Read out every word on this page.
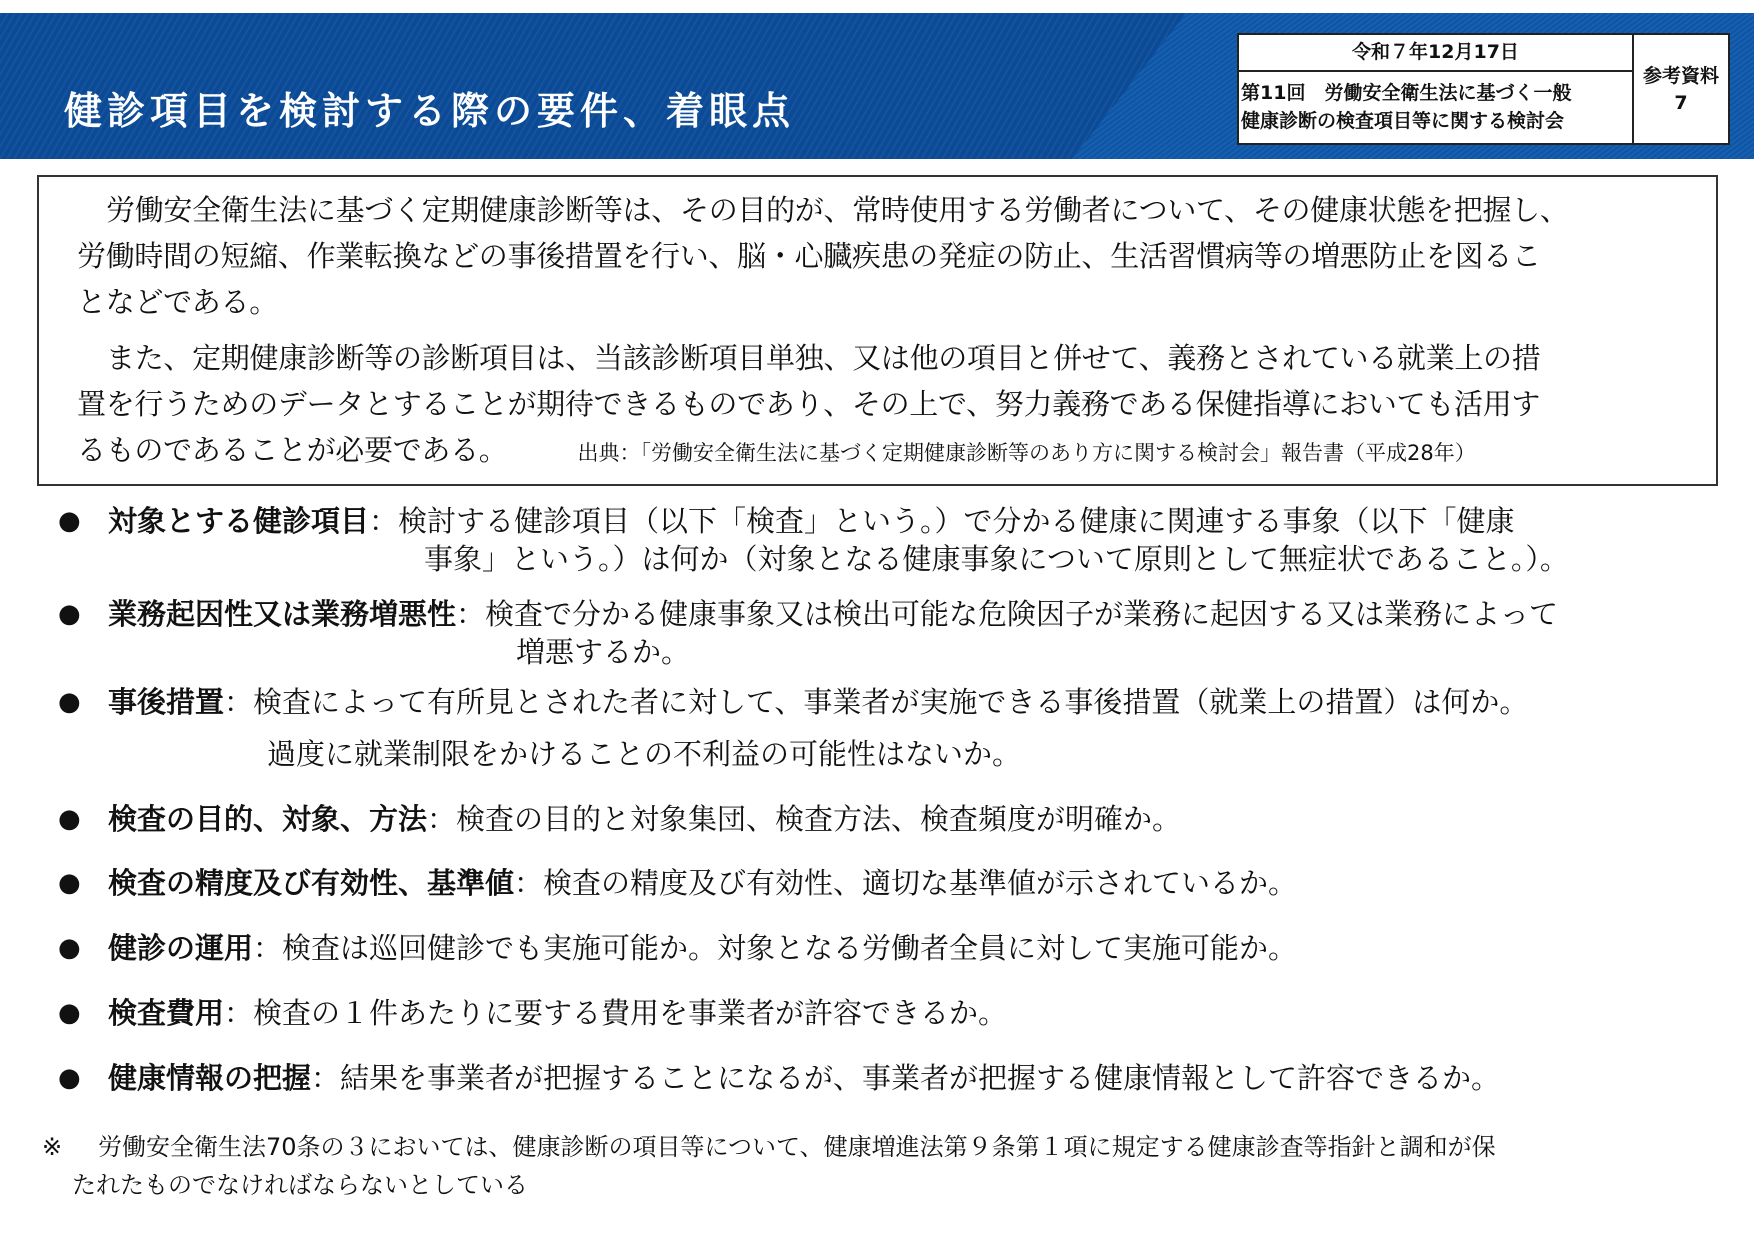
健診項目を検討する際の要件、着眼点
令和７年12月17日
第11回　労働安全衛生法に基づく一般
健康診断の検査項目等に関する検討会
参考資料
7

労働安全衛生法に基づく定期健康診断等は、その目的が、常時使用する労働者について、その健康状態を把握し、
労働時間の短縮、作業転換などの事後措置を行い、脳・心臓疾患の発症の防止、生活習慣病等の増悪防止を図るこ
となどである。

また、定期健康診断等の診断項目は、当該診断項目単独、又は他の項目と併せて、義務とされている就業上の措
置を行うためのデータとすることが期待できるものであり、その上で、努力義務である保健指導においても活用す
るものであることが必要である。	出典：「労働安全衛生法に基づく定期健康診断等のあり方に関する検討会」報告書（平成28年）

● 対象とする健診項目：検討する健診項目（以下「検査」という。）で分かる健康に関連する事象（以下「健康
事象」という。）は何か（対象となる健康事象について原則として無症状であること。）。
● 業務起因性又は業務増悪性：検査で分かる健康事象又は検出可能な危険因子が業務に起因する又は業務によって
増悪するか。
● 事後措置：検査によって有所見とされた者に対して、事業者が実施できる事後措置（就業上の措置）は何か。
過度に就業制限をかけることの不利益の可能性はないか。
● 検査の目的、対象、方法：検査の目的と対象集団、検査方法、検査頻度が明確か。
● 検査の精度及び有効性、基準値：検査の精度及び有効性、適切な基準値が示されているか。
● 健診の運用：検査は巡回健診でも実施可能か。対象となる労働者全員に対して実施可能か。
● 検査費用：検査の１件あたりに要する費用を事業者が許容できるか。
● 健康情報の把握：結果を事業者が把握することになるが、事業者が把握する健康情報として許容できるか。
※	労働安全衛生法70条の３においては、健康診断の項目等について、健康増進法第９条第１項に規定する健康診査等指針と調和が保
たれたものでなければならないとしている
